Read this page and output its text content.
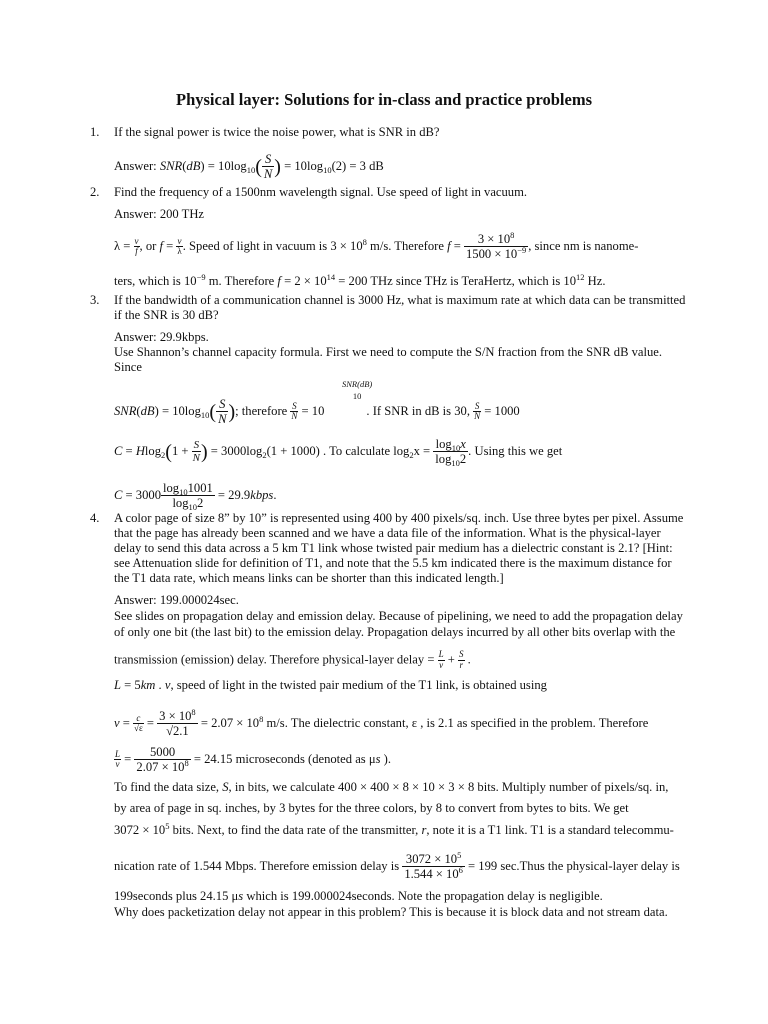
Physical layer: Solutions for in-class and practice problems
1. If the signal power is twice the noise power, what is SNR in dB?
Answer: $SNR(dB) = 10\log_{10}( \frac{S}{N}$ ) = $10\log_{10}(2) = 3$ dB
2. Find the frequency of a 1500nm wavelength signal. Use speed of light in vacuum.
Answer: 200 THz
$\lambda = \frac{v}{f}$ , or $f = \frac{v}{\lambda}$ . Speed of light in vacuum is $3 \times 10^8$ m/s. Therefore $f = \frac{3 \times 10^8}{1500 \times 10^{-9}}$ , since nm is nanome-
ters, which is $10^{-9}$ m. Therefore $f = 2 \times 10^{14} = 200$ THz since THz is TeraHertz, which is $10^{12}$ Hz.
3. If the bandwidth of a communication channel is 3000 Hz, what is maximum rate at which data can be transmitted
if the SNR is 30 dB?
Answer: 29.9kbps.
Use Shannon’s channel capacity formula. First we need to compute the S/N fraction from the SNR dB value.
Since
SNR(dB)
10
$SNR(dB) = 10\log_{10}( \frac{S}{N}$ ); therefore $\frac{S}{N} = 10$	. If SNR in dB is 30, $\frac{S}{N} = 1000$
$C = Hlog_2(1 + \frac{S}{N}$ ) = $3000\log_2(1 + 1000)$ . To calculate $\log_2x = \frac{\log_{10}x}{\log_{10}2}$ . Using this we get
$C = 3000 \frac{\log_{10}1001}{\log_{10}2}$ = 29.9kbps.
4. A color page of size 8” by 10” is represented using 400 by 400 pixels/sq. inch. Use three bytes per pixel. Assume
that the page has already been scanned and we have a data file of the information. What is the physical-layer
delay to send this data across a 5 km T1 link whose twisted pair medium has a dielectric constant is 2.1? [Hint:
see Attenuation slide for definition of T1, and note that the 5.5 km indicated there is the maximum distance for
the T1 data rate, which means links can be shorter than this indicated length.]
Answer: 199.000024sec.
See slides on propagation delay and emission delay. Because of pipelining, we need to add the propagation delay
of only one bit (the last bit) to the emission delay. Propagation delays incurred by all other bits overlap with the
transmission (emission) delay. Therefore physical-layer delay = $\frac{L}{v} + \frac{S}{r}$ .
L = 5km . v, speed of light in the twisted pair medium of the T1 link, is obtained using
$v = \frac{c}{√\varepsilon} = \frac{3 \times 10^8}{√2.1} = 2.07 \times 10^8$ m/s. The dielectric constant, ε , is 2.1 as specified in the problem. Therefore
$\frac{L}{v} = \frac{5000}{2.07 \times 10^8} = 24.15$ microseconds (denoted as μs ).
To find the data size, S, in bits, we calculate 400 × 400 × 8 × 10 × 3 × 8 bits. Multiply number of pixels/sq. in,
by area of page in sq. inches, by 3 bytes for the three colors, by 8 to convert from bytes to bits. We get
$3072 \times 10^5$ bits. Next, to find the data rate of the transmitter, r, note it is a T1 link. T1 is a standard telecommu-
nication rate of 1.544 Mbps. Therefore emission delay is $\frac{3072 \times 10^5}{1.544 \times 10^6} = 199$ sec.Thus the physical-layer delay is
199seconds plus 24.15 μs which is 199.000024seconds. Note the propagation delay is negligible.
Why does packetization delay not appear in this problem? This is because it is block data and not stream data.
